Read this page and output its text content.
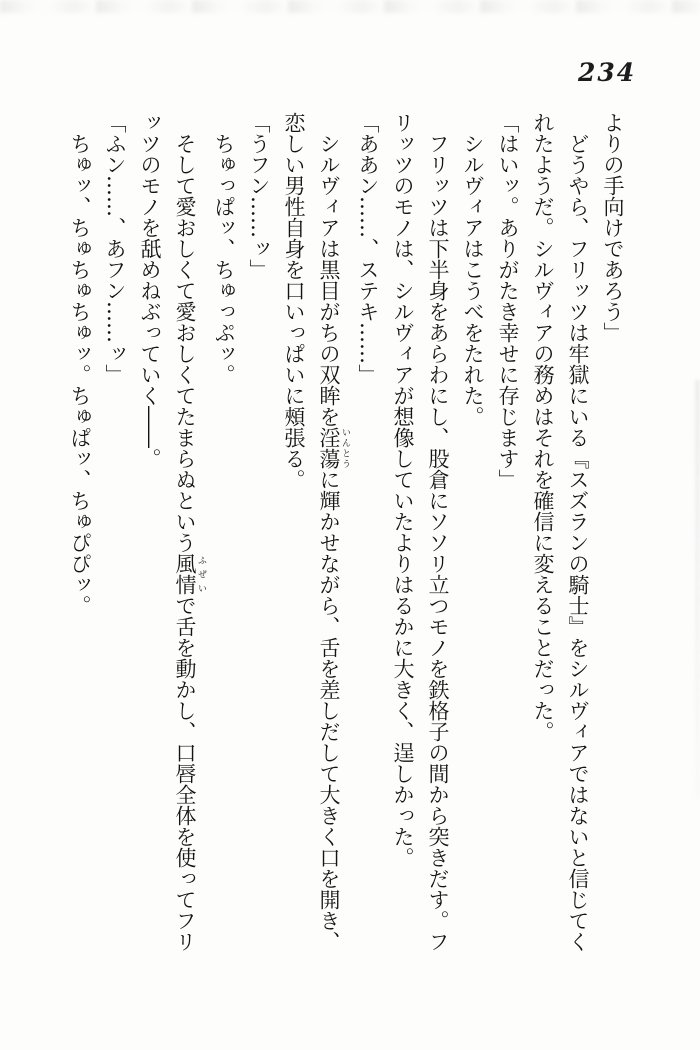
234

よりの手向けであろう」

どうやら、フリッツは牢獄にいる『スズランの騎士』をシルヴィアではないと信じてく

れたようだ。シルヴィアの務めはそれを確信に変えることだった。

「はいッ。ありがたき幸せに存じます」

シルヴィアはこうべをたれた。

フリッツは下半身をあらわにし、股倉にソソリ立つモノを鉄格子の間から突きだす。フ

リッツのモノは、シルヴィアが想像していたよりはるかに大きく、逞しかった。

「ああン……、ステキ……」

シルヴィアは黒目がちの双眸を淫蕩 いんとうに輝かせながら、舌を差しだして大きく口を開き、

恋しい男性自身を口いっぱいに頰張る。

「うフン……ッ」

ちゅっぱッ、ちゅっぷッ。

そして愛おしくて愛おしくてたまらぬという風情 ふぜいで舌を動かし、口唇全体を使ってフリ

ッツのモノを舐めねぶっていく――。

「ふン……、あフン……ッ」

ちゅッ、ちゅちゅちゅッ。ちゅぱッ、ちゅぴぴッ。
